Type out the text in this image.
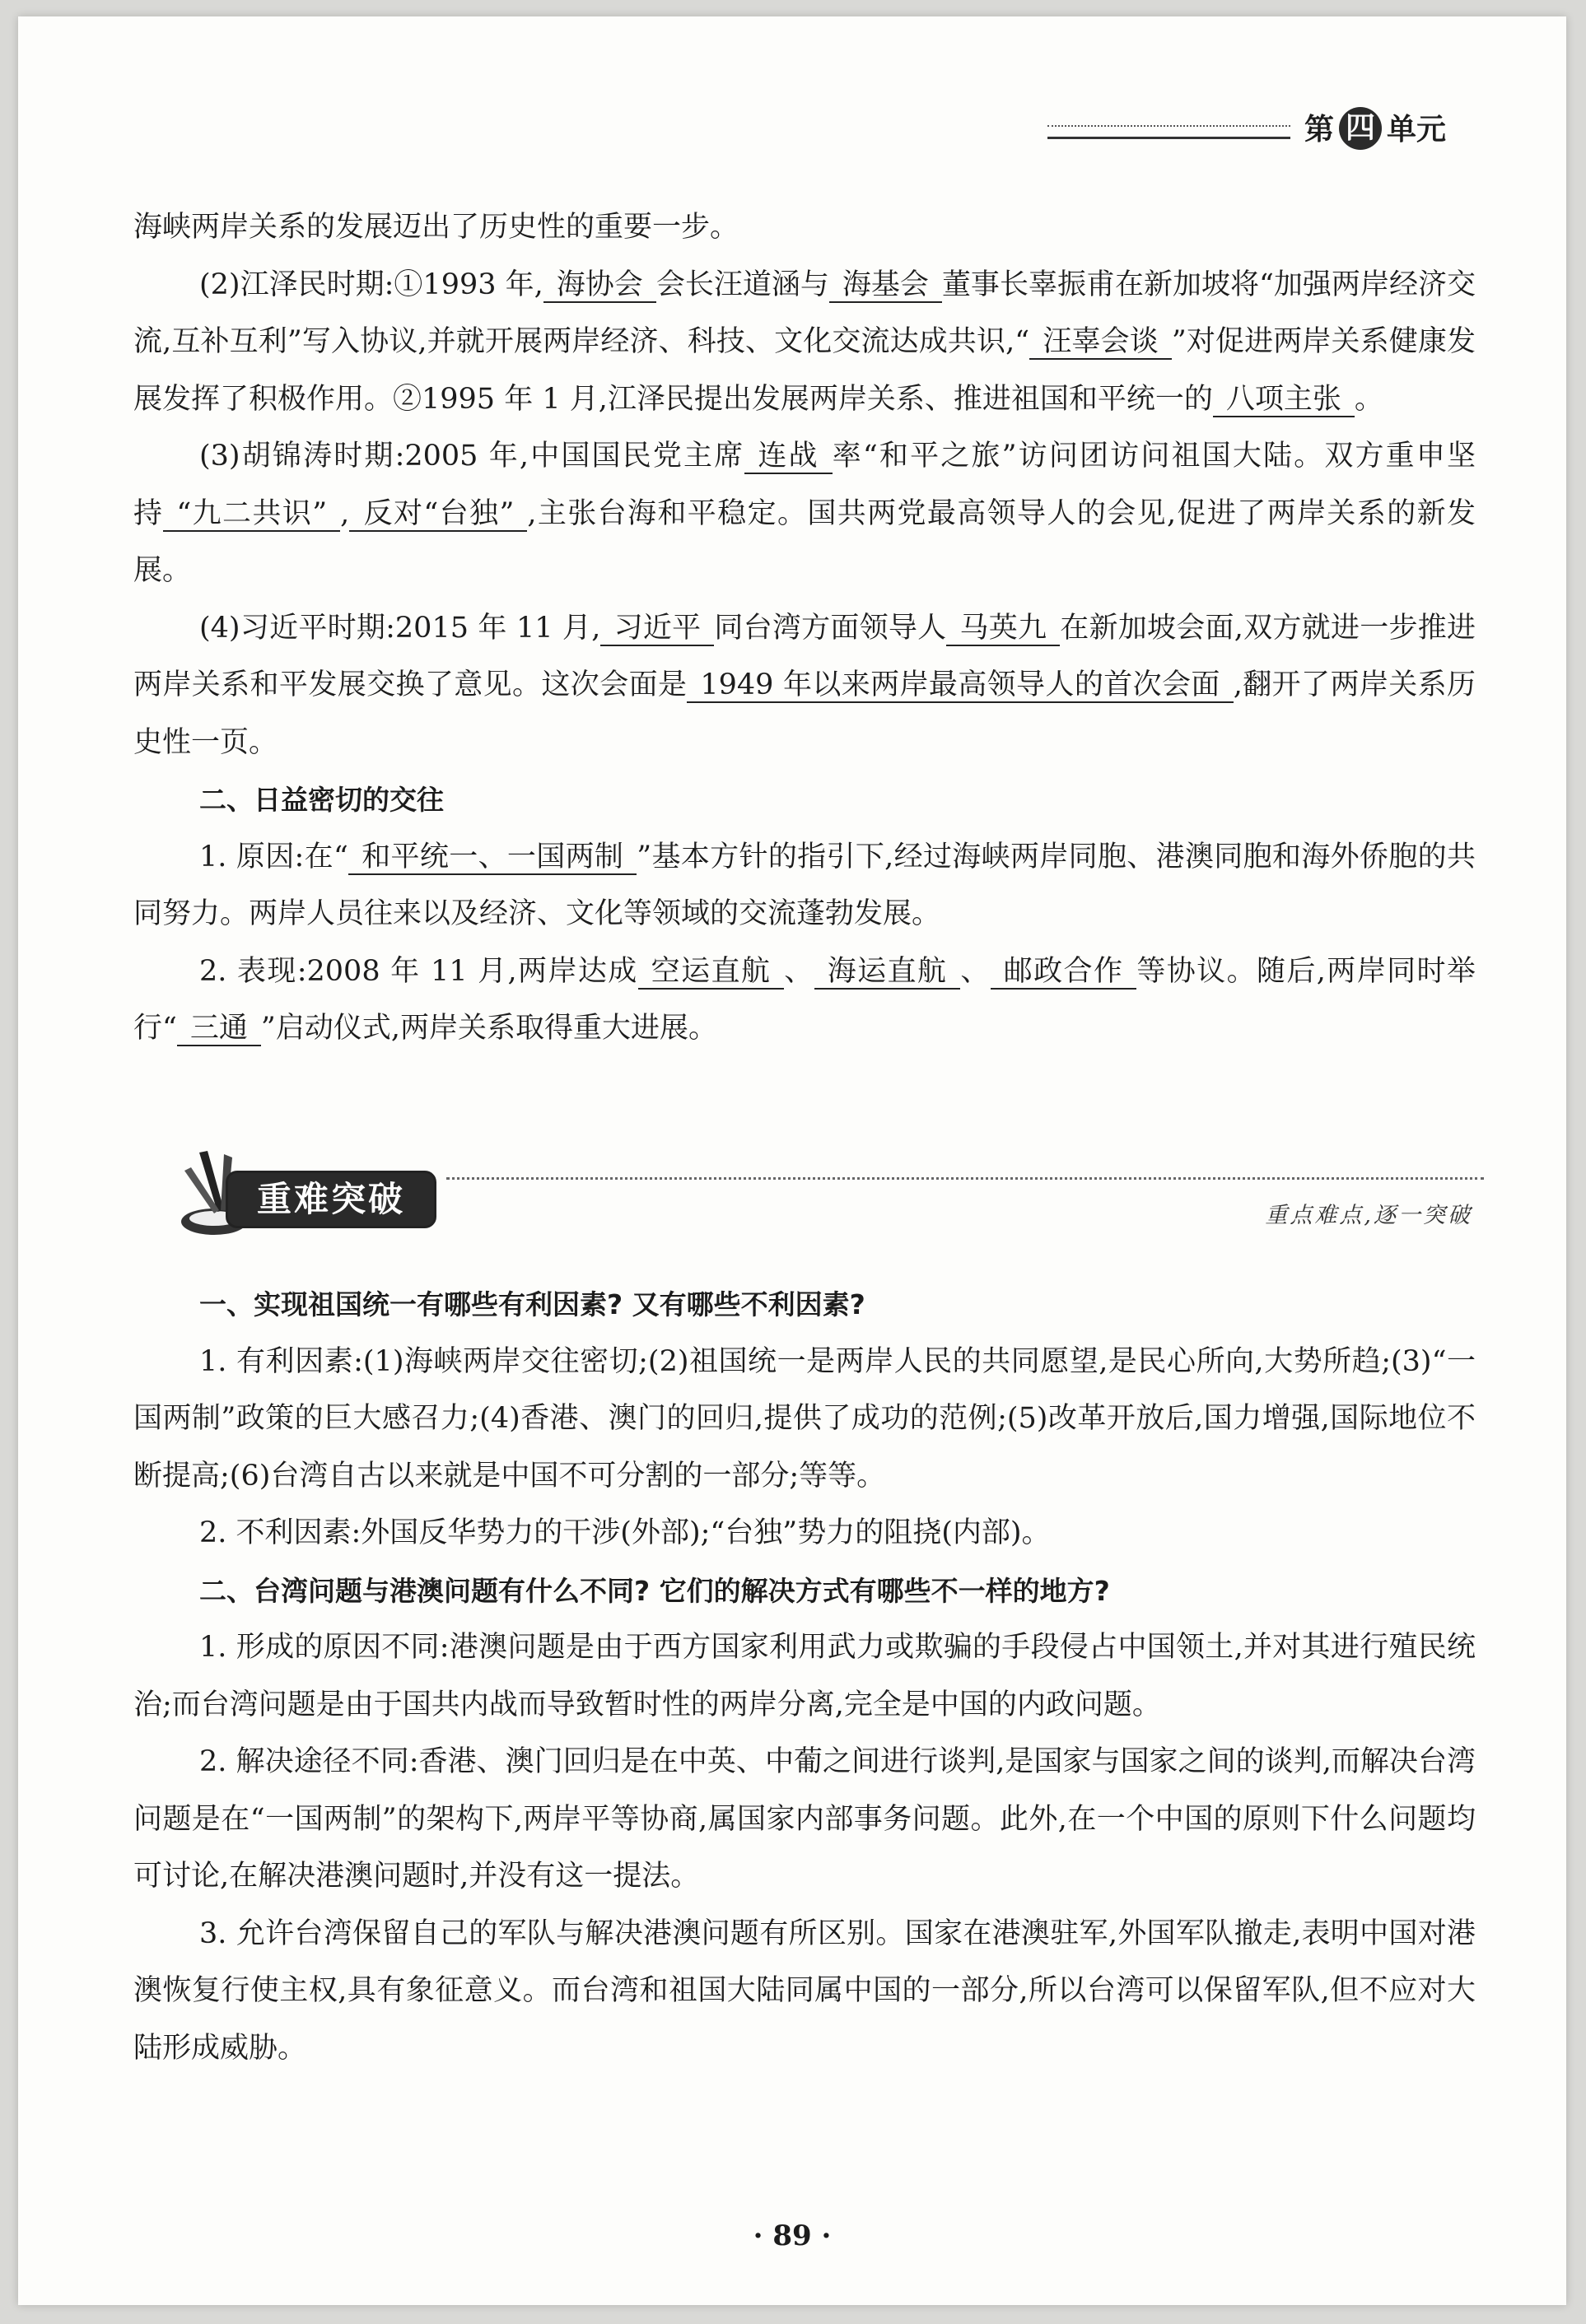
第 四 单元

海峡两岸关系的发展迈出了历史性的重要一步。

(2)江泽民时期:①1993 年, 海协会 会长汪道涵与 海基会 董事长辜振甫在新加坡将“加强两岸经济交流,互补互利”写入协议,并就开展两岸经济、科技、文化交流达成共识,“ 汪辜会谈 ”对促进两岸关系健康发展发挥了积极作用。②1995 年 1 月,江泽民提出发展两岸关系、推进祖国和平统一的 八项主张 。

(3)胡锦涛时期:2005 年,中国国民党主席 连战 率“和平之旅”访问团访问祖国大陆。双方重申坚持 “九二共识” , 反对“台独” ,主张台海和平稳定。国共两党最高领导人的会见,促进了两岸关系的新发展。

(4)习近平时期:2015 年 11 月, 习近平 同台湾方面领导人 马英九 在新加坡会面,双方就进一步推进两岸关系和平发展交换了意见。这次会面是 1949 年以来两岸最高领导人的首次会面 ,翻开了两岸关系历史性一页。

二、日益密切的交往

1. 原因:在“ 和平统一、一国两制 ”基本方针的指引下,经过海峡两岸同胞、港澳同胞和海外侨胞的共同努力。两岸人员往来以及经济、文化等领域的交流蓬勃发展。

2. 表现:2008 年 11 月,两岸达成 空运直航 、 海运直航 、 邮政合作 等协议。随后,两岸同时举行“ 三通 ”启动仪式,两岸关系取得重大进展。

重难突破	重点难点,逐一突破

一、实现祖国统一有哪些有利因素? 又有哪些不利因素?

1. 有利因素:(1)海峡两岸交往密切;(2)祖国统一是两岸人民的共同愿望,是民心所向,大势所趋;(3)“一国两制”政策的巨大感召力;(4)香港、澳门的回归,提供了成功的范例;(5)改革开放后,国力增强,国际地位不断提高;(6)台湾自古以来就是中国不可分割的一部分;等等。

2. 不利因素:外国反华势力的干涉(外部);“台独”势力的阻挠(内部)。

二、台湾问题与港澳问题有什么不同? 它们的解决方式有哪些不一样的地方?

1. 形成的原因不同:港澳问题是由于西方国家利用武力或欺骗的手段侵占中国领土,并对其进行殖民统治;而台湾问题是由于国共内战而导致暂时性的两岸分离,完全是中国的内政问题。

2. 解决途径不同:香港、澳门回归是在中英、中葡之间进行谈判,是国家与国家之间的谈判,而解决台湾问题是在“一国两制”的架构下,两岸平等协商,属国家内部事务问题。此外,在一个中国的原则下什么问题均可讨论,在解决港澳问题时,并没有这一提法。

3. 允许台湾保留自己的军队与解决港澳问题有所区别。国家在港澳驻军,外国军队撤走,表明中国对港澳恢复行使主权,具有象征意义。而台湾和祖国大陆同属中国的一部分,所以台湾可以保留军队,但不应对大陆形成威胁。

· 89 ·
